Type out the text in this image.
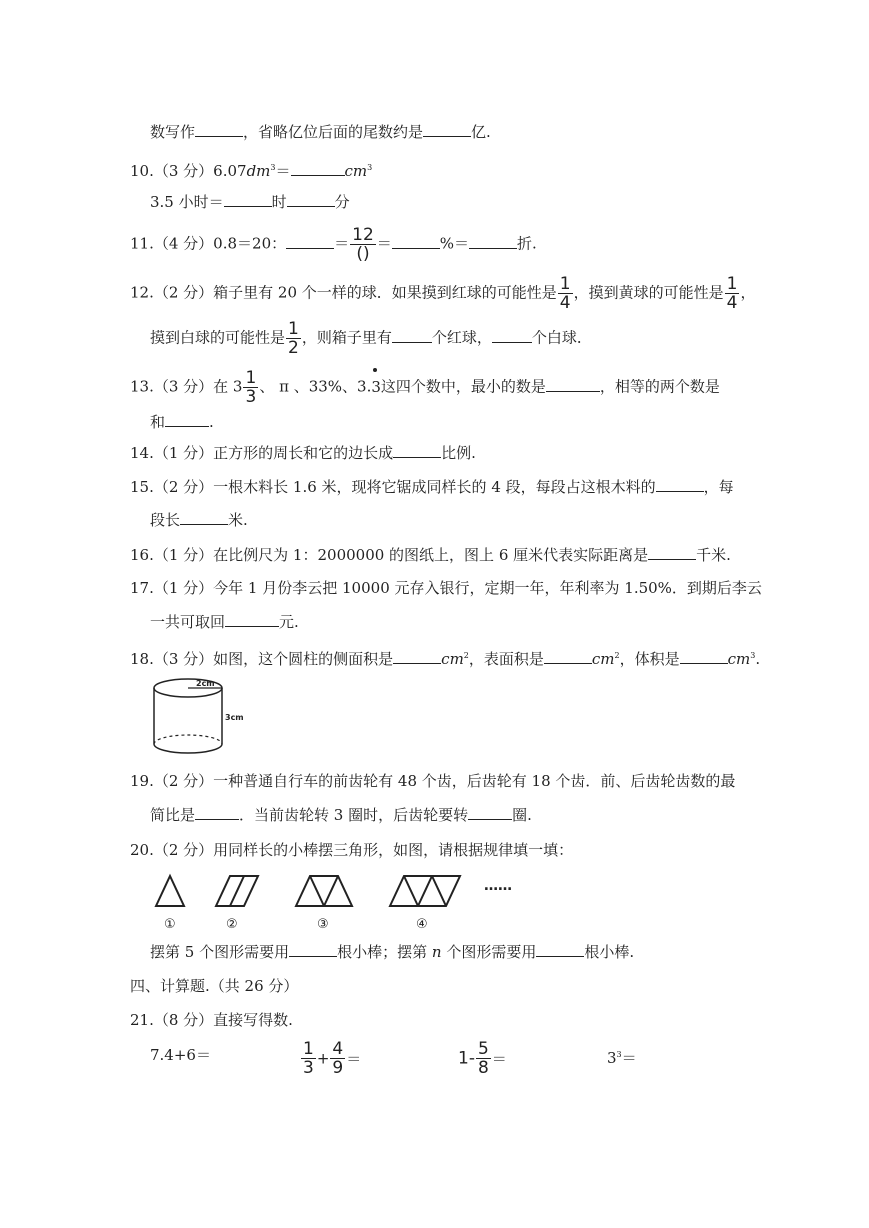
数写作	，省略亿位后面的尾数约是	亿.
10.（3 分）$6.07dm^3=$	$cm^3$
3.5 小时＝	时	分
11.（4 分）0.8＝20：	＝ $\frac{12}{()}$ ＝	%＝	折.
12.（2 分）箱子里有 20 个一样的球．如果摸到红球的可能性是 $\frac{1}{4}$ ，摸到黄球的可能性是 $\frac{1}{4}$ ，
摸到白球的可能性是 $\frac{1}{2}$ ，则箱子里有	个红球，	个白球．
13.（3 分）在 $3 \frac{1}{3}$ 、 π 、33%、3.3这四个数中，最小的数是	，相等的两个数是
和	.
14.（1 分）正方形的周长和它的边长成	比例.
15.（2 分）一根木料长 1.6 米，现将它锯成同样长的 4 段，每段占这根木料的	，每
段长	米.
16.（1 分）在比例尺为 1：2000000 的图纸上，图上 6 厘米代表实际距离是	千米.
17.（1 分）今年 1 月份李云把 10000 元存入银行，定期一年，年利率为 1.50%．到期后李云
一共可取回	元.
18.（3 分）如图，这个圆柱的侧面积是	$cm^2$，表面积是	$cm^2$，体积是	$cm^3$.
2cm
3cm
19.（2 分）一种普通自行车的前齿轮有 48 个齿，后齿轮有 18 个齿．前、后齿轮齿数的最
简比是	．当前齿轮转 3 圈时，后齿轮要转	圈.
20.（2 分）用同样长的小棒摆三角形，如图，请根据规律填一填：
①	②	③	④
……
摆第 5 个图形需要用	根小棒；摆第 n 个图形需要用	根小棒.
四、计算题.（共 26 分）
21.（8 分）直接写得数.
7.4+6＝	$\frac{1}{3} + \frac{4}{9}$ ＝	$1- \frac{5}{8}$ ＝	$3^3=$
